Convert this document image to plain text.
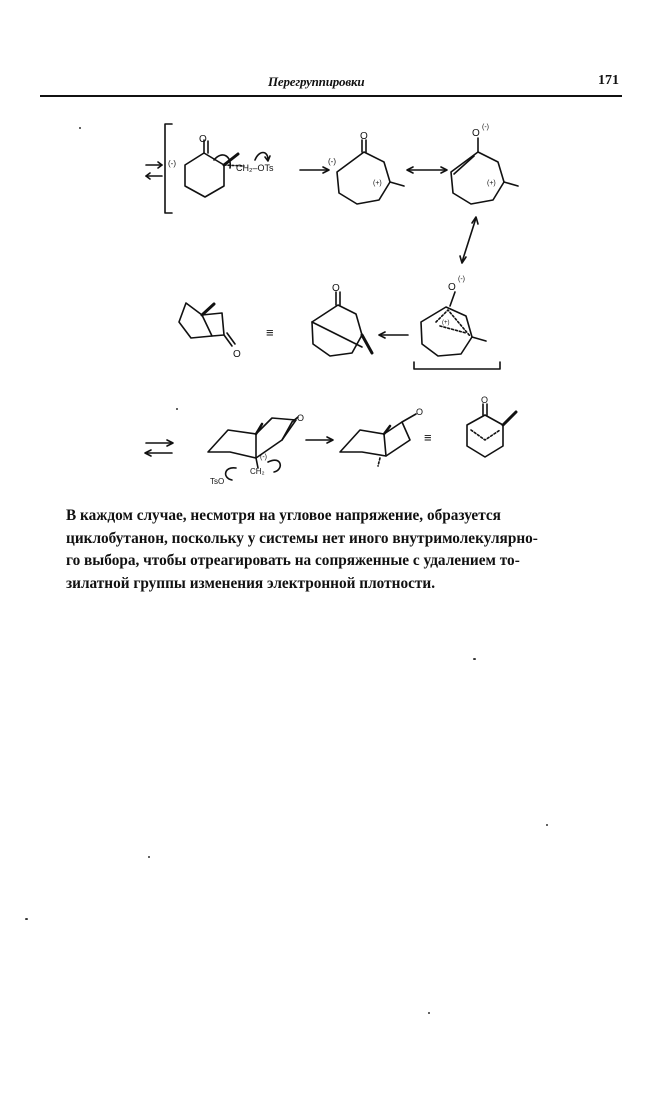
Перегруппировки	171
O
(-)	CH₂–OTs
O
(-)
(+)
O
(-)
(+)
O
≡
O	O
(-)
(+)
O
(-)
CH₂
TsO
O
≡
O
В каждом случае, несмотря на угловое напряжение, образуется
циклобутанон, поскольку у системы нет иного внутримолекулярно-
го выбора, чтобы отреагировать на сопряженные с удалением то-
зилатной группы изменения электронной плотности.
